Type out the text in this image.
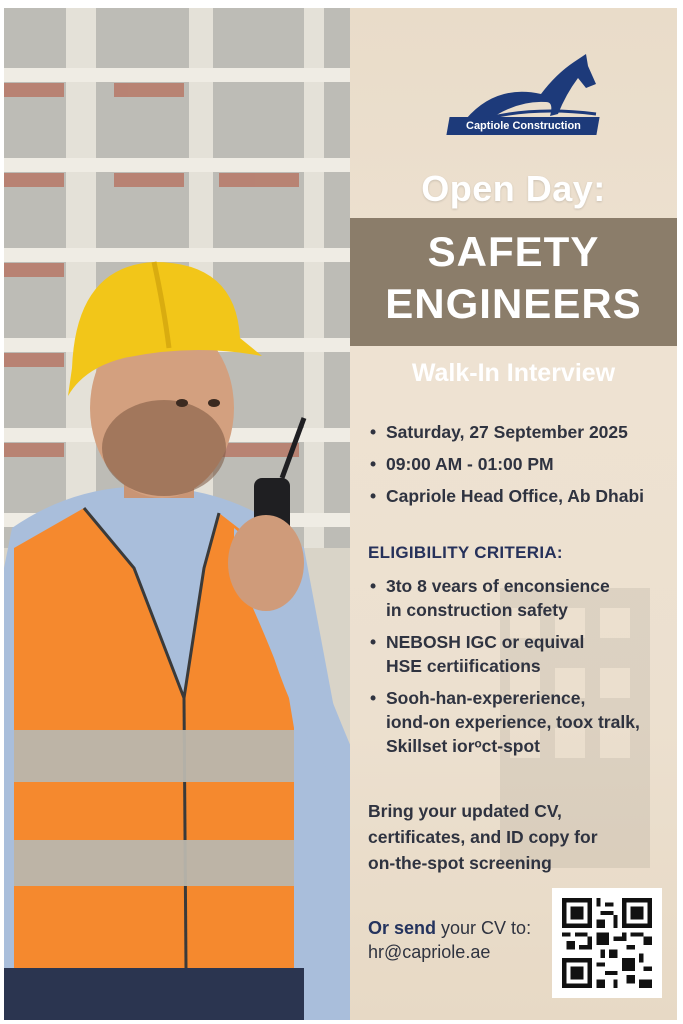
Captiole Construction
Open Day:
SAFETY
ENGINEERS
Walk-In Interview
• Saturday, 27 September 2025
• 09:00 AM - 01:00 PM
• Capriole Head Office, Ab Dhabi
ELIGIBILITY CRITERIA:
• 3to 8 vears of enconsience
in construction safety
• NEBOSH IGC or equival
HSE certiifications
• Sooh-han-expererience,
iond-on experience, toox tralk,
Skillset iorᵒct-spot
Bring your updated CV,
certificates, and ID copy for
on-the-spot screening
Or send your CV to:
hr@capriole.ae
